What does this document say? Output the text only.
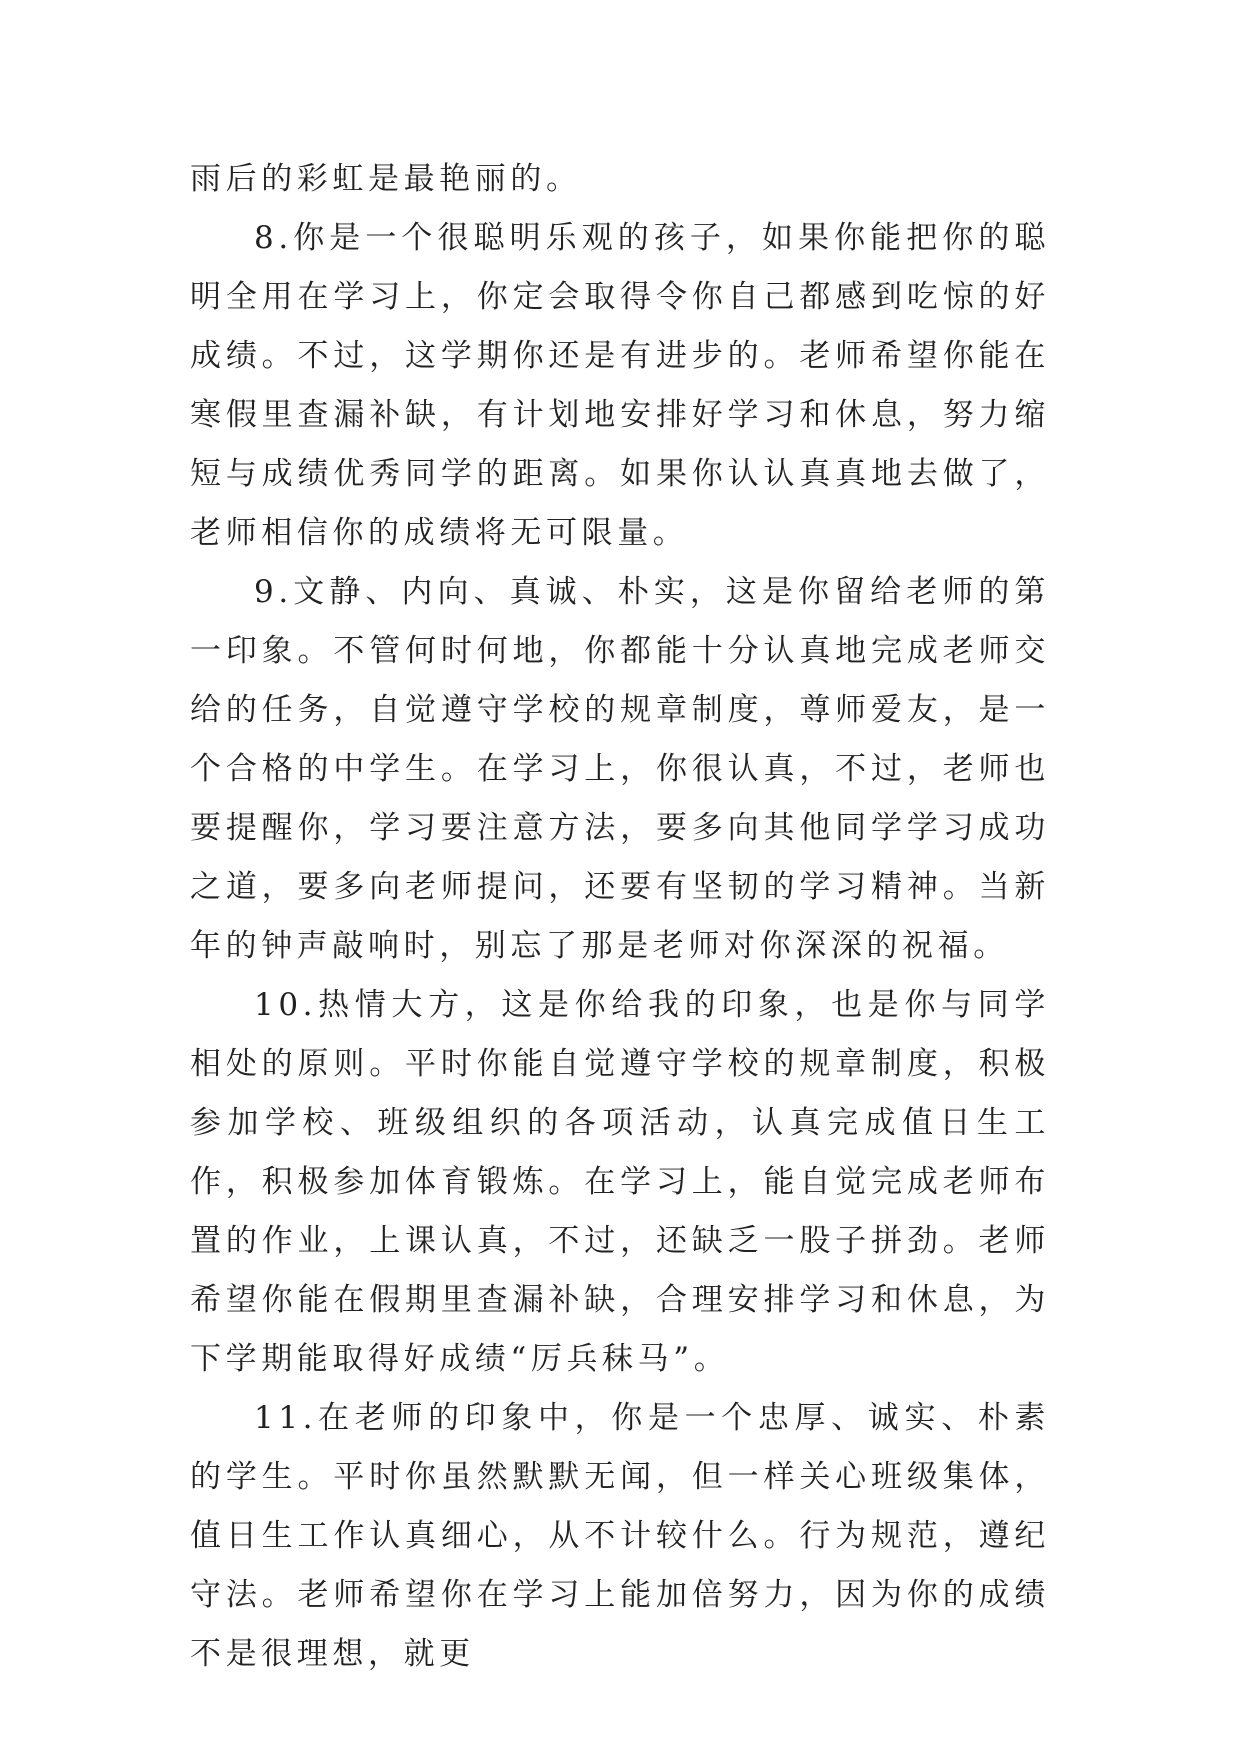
雨后的彩虹是最艳丽的。

8.你是一个很聪明乐观的孩子，如果你能把你的聪明全用在学习上，你定会取得令你自己都感到吃惊的好成绩。不过，这学期你还是有进步的。老师希望你能在寒假里查漏补缺，有计划地安排好学习和休息，努力缩短与成绩优秀同学的距离。如果你认认真真地去做了，老师相信你的成绩将无可限量。

9.文静、内向、真诚、朴实，这是你留给老师的第一印象。不管何时何地，你都能十分认真地完成老师交给的任务，自觉遵守学校的规章制度，尊师爱友，是一个合格的中学生。在学习上，你很认真，不过，老师也要提醒你，学习要注意方法，要多向其他同学学习成功之道，要多向老师提问，还要有坚韧的学习精神。当新年的钟声敲响时，别忘了那是老师对你深深的祝福。

10.热情大方，这是你给我的印象，也是你与同学相处的原则。平时你能自觉遵守学校的规章制度，积极参加学校、班级组织的各项活动，认真完成值日生工作，积极参加体育锻炼。在学习上，能自觉完成老师布置的作业，上课认真，不过，还缺乏一股子拼劲。老师希望你能在假期里查漏补缺，合理安排学习和休息，为下学期能取得好成绩“厉兵秣马”。

11.在老师的印象中，你是一个忠厚、诚实、朴素的学生。平时你虽然默默无闻，但一样关心班级集体，值日生工作认真细心，从不计较什么。行为规范，遵纪守法。老师希望你在学习上能加倍努力，因为你的成绩不是很理想，就更
